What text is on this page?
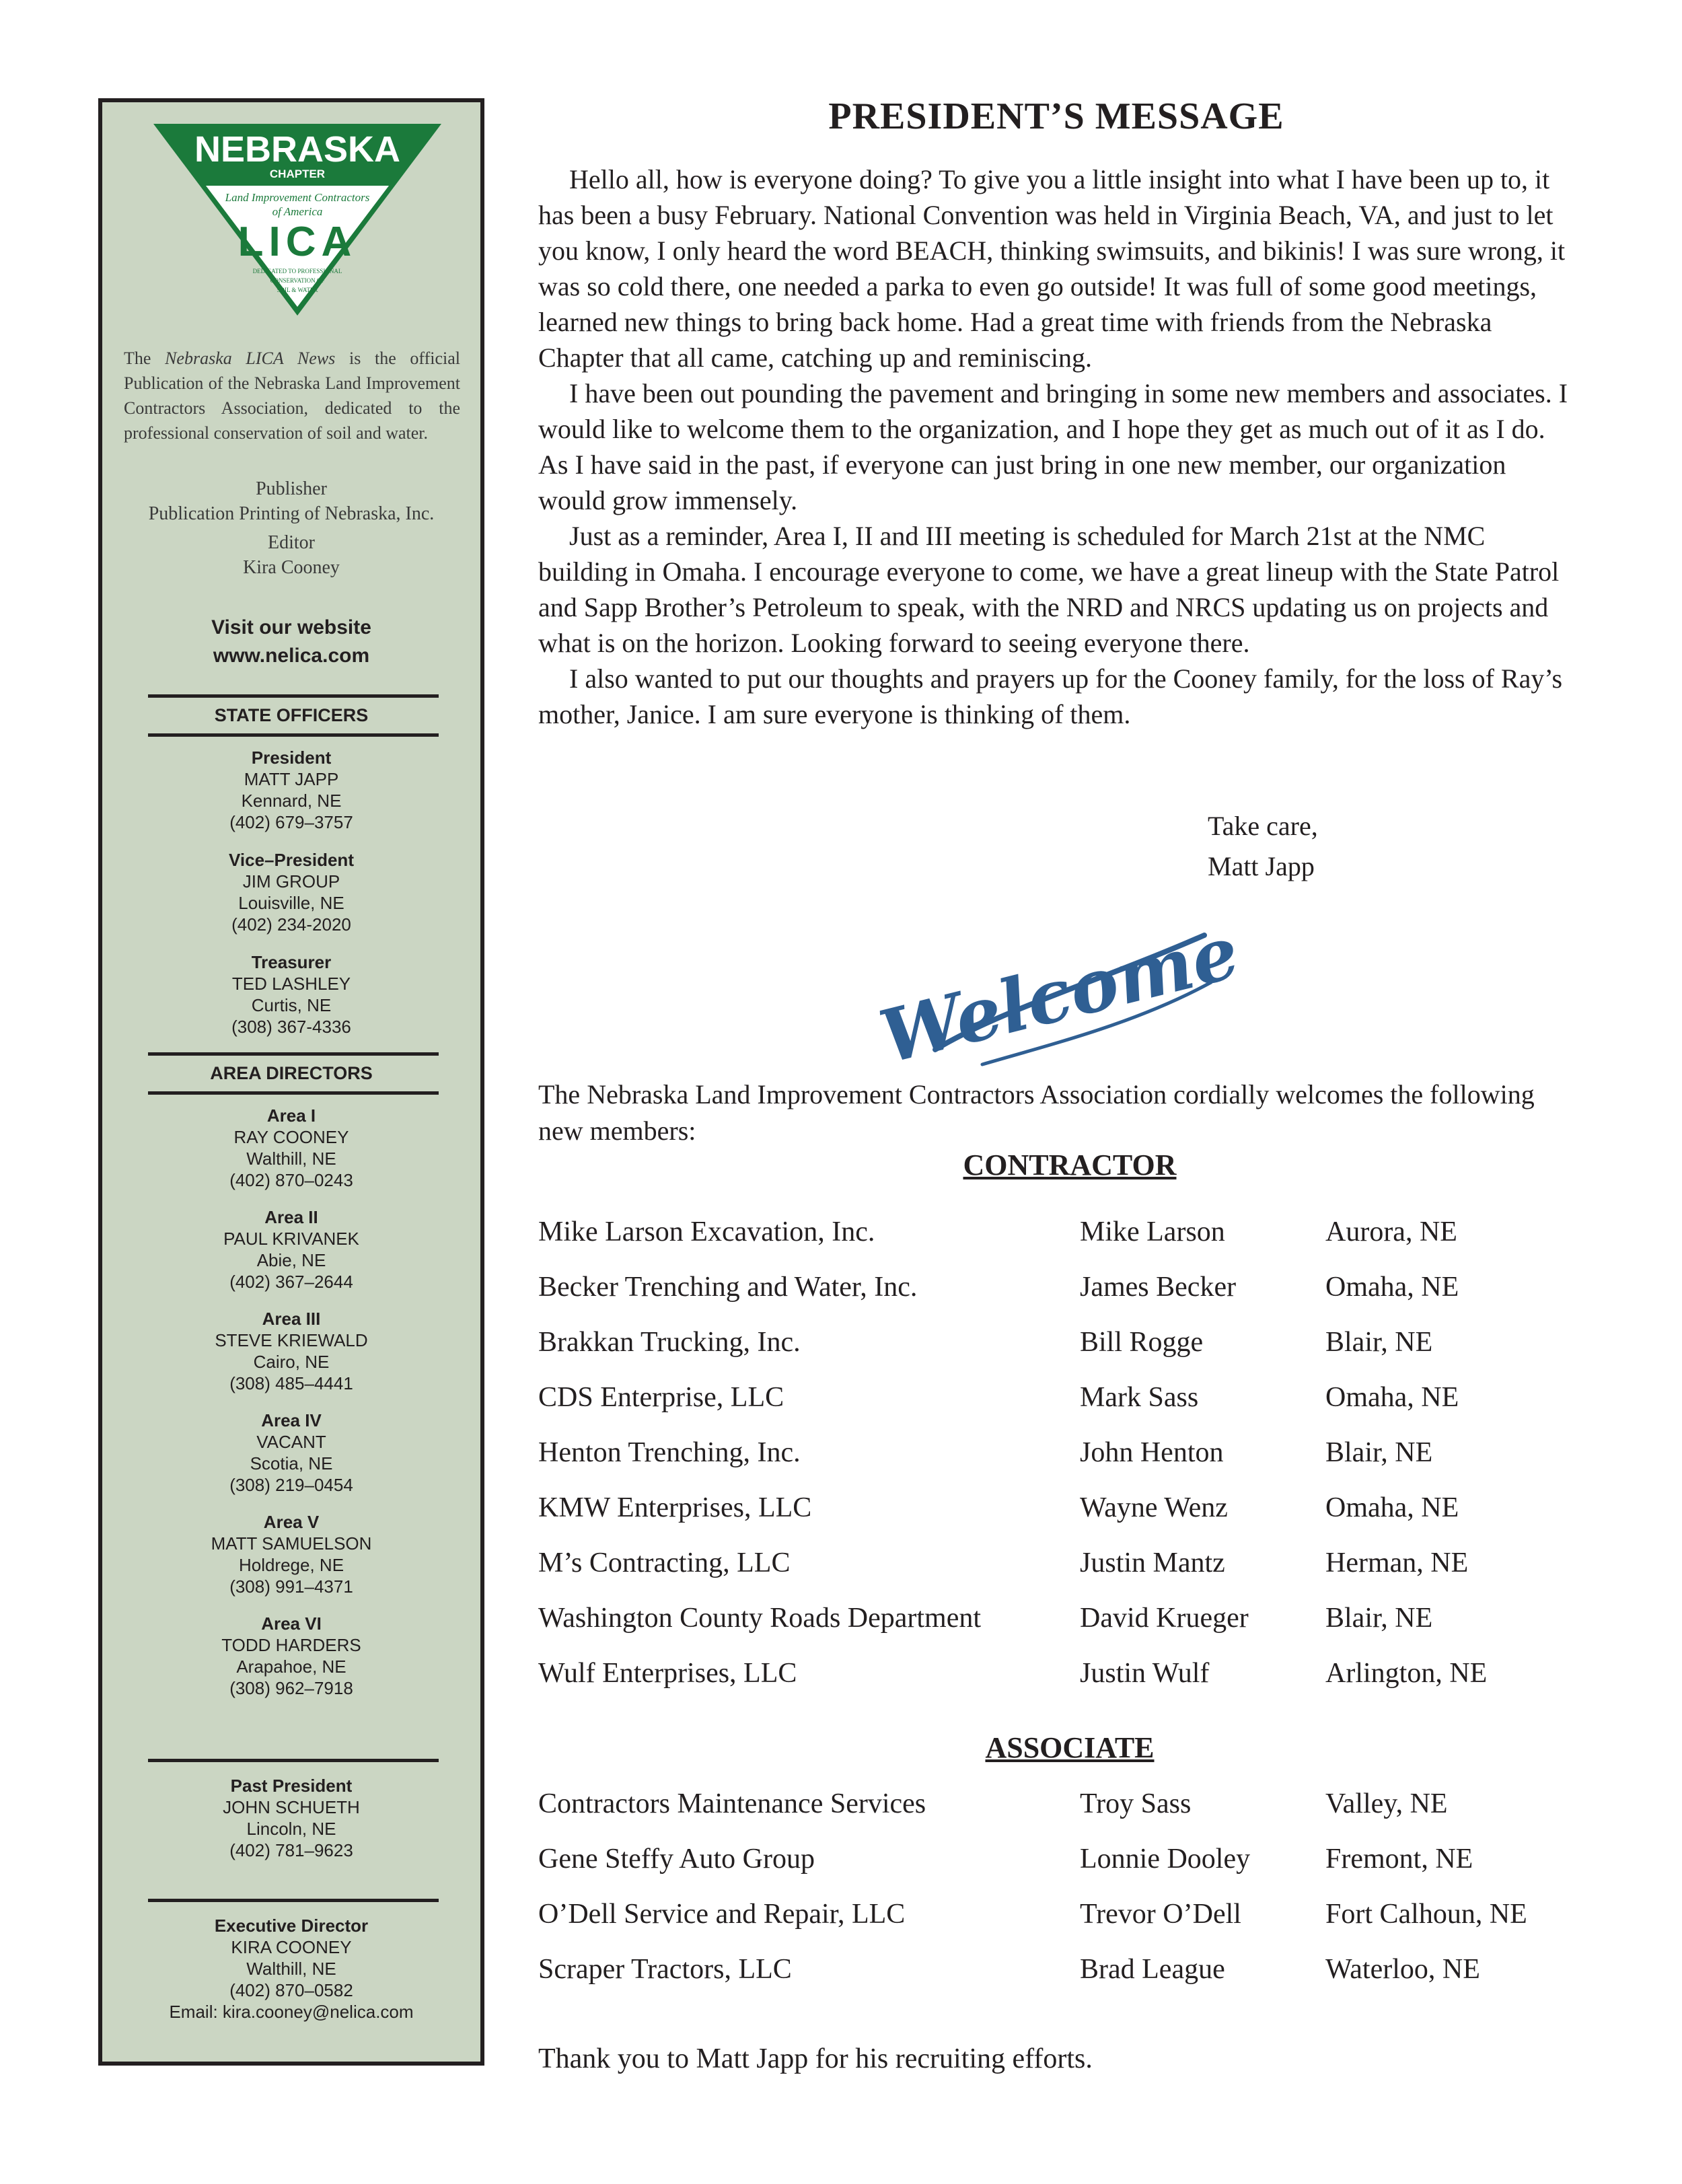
NEBRASKA
CHAPTER
Land Improvement Contractors
of America
LICA
DEDICATED TO PROFESSIONAL
CONSERVATION OF
SOIL & WATER
The Nebraska LICA News is the official Publication of the Nebraska Land Improvement Contractors Association, dedicated to the professional conservation of soil and water.
Publisher
Publication Printing of Nebraska, Inc.
Editor
Kira Cooney
Visit our website
www.nelica.com
STATE OFFICERS
President
MATT JAPP
Kennard, NE
(402) 679–3757
Vice–President
JIM GROUP
Louisville, NE
(402) 234-2020
Treasurer
TED LASHLEY
Curtis, NE
(308) 367-4336
AREA DIRECTORS
Area I
RAY COONEY
Walthill, NE
(402) 870–0243
Area II
PAUL KRIVANEK
Abie, NE
(402) 367–2644
Area III
STEVE KRIEWALD
Cairo, NE
(308) 485–4441
Area IV
VACANT
Scotia, NE
(308) 219–0454
Area V
MATT SAMUELSON
Holdrege, NE
(308) 991–4371
Area VI
TODD HARDERS
Arapahoe, NE
(308) 962–7918
Past President
JOHN SCHUETH
Lincoln, NE
(402) 781–9623
Executive Director
KIRA COONEY
Walthill, NE
(402) 870–0582
Email: kira.cooney@nelica.com
PRESIDENT’S MESSAGE

Hello all, how is everyone doing? To give you a little insight into what I have been up to, it has been a busy February. National Convention was held in Virginia Beach, VA, and just to let you know, I only heard the word BEACH, thinking swimsuits, and bikinis! I was sure wrong, it was so cold there, one needed a parka to even go outside! It was full of some good meetings, learned new things to bring back home. Had a great time with friends from the Nebraska Chapter that all came, catching up and reminiscing.

I have been out pounding the pavement and bringing in some new members and associates. I would like to welcome them to the organization, and I hope they get as much out of it as I do. As I have said in the past, if everyone can just bring in one new member, our organization would grow immensely.

Just as a reminder, Area I, II and III meeting is scheduled for March 21st at the NMC building in Omaha. I encourage everyone to come, we have a great lineup with the State Patrol and Sapp Brother’s Petroleum to speak, with the NRD and NRCS updating us on projects and what is on the horizon. Looking forward to seeing everyone there.

I also wanted to put our thoughts and prayers up for the Cooney family, for the loss of Ray’s mother, Janice. I am sure everyone is thinking of them.

Take care,
Matt Japp
Welcome
The Nebraska Land Improvement Contractors Association cordially welcomes the following new members:
CONTRACTOR
Mike Larson Excavation, Inc.	Mike Larson	Aurora, NE
Becker Trenching and Water, Inc.	James Becker	Omaha, NE
Brakkan Trucking, Inc.	Bill Rogge	Blair, NE
CDS Enterprise, LLC	Mark Sass	Omaha, NE
Henton Trenching, Inc.	John Henton	Blair, NE
KMW Enterprises, LLC	Wayne Wenz	Omaha, NE
M’s Contracting, LLC	Justin Mantz	Herman, NE
Washington County Roads Department	David Krueger	Blair, NE
Wulf Enterprises, LLC	Justin Wulf	Arlington, NE
ASSOCIATE
Contractors Maintenance Services	Troy Sass	Valley, NE
Gene Steffy Auto Group	Lonnie Dooley	Fremont, NE
O’Dell Service and Repair, LLC	Trevor O’Dell	Fort Calhoun, NE
Scraper Tractors, LLC	Brad League	Waterloo, NE
Thank you to Matt Japp for his recruiting efforts.
